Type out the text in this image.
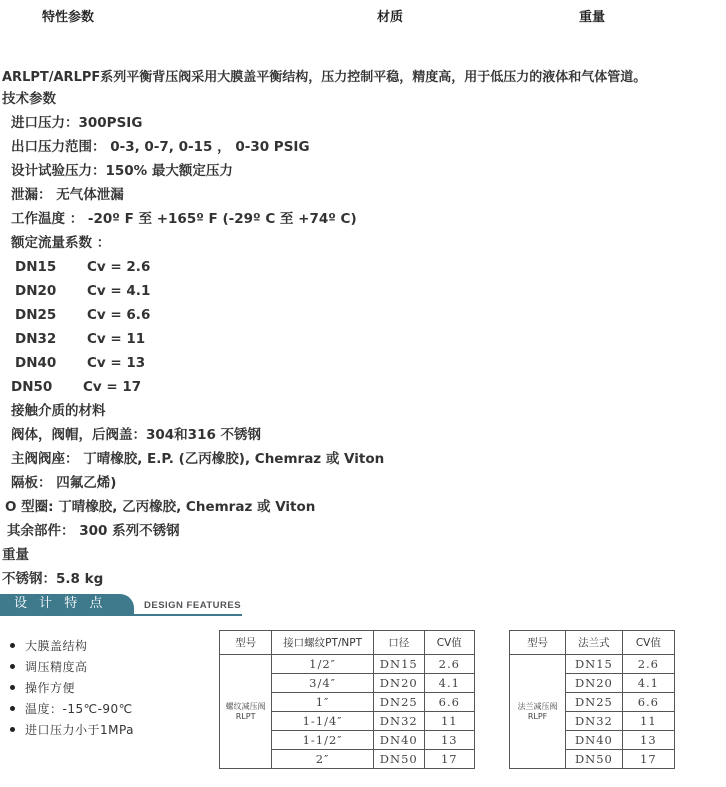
特性参数	材质	重量
ARLPT/ARLPF系列平衡背压阀采用大膜盖平衡结构，压力控制平稳，精度高，用于低压力的液体和气体管道。
技术参数
进口压力：300PSIG
出口压力范围： 0-3, 0-7, 0-15 ， 0-30 PSIG
设计试验压力：150% 最大额定压力
泄漏： 无气体泄漏
工作温度 ： -20º F 至 +165º F (-29º C 至 +74º C)
额定流量系数 ：
DN15 Cv = 2.6
DN20 Cv = 4.1
DN25 Cv = 6.6
DN32 Cv = 11
DN40 Cv = 13
DN50 Cv = 17
接触介质的材料
阀体，阀帽，后阀盖：304和316 不锈钢
主阀阀座： 丁晴橡胶, E.P. (乙丙橡胶), Chemraz 或 Viton
隔板： 四氟乙烯)
O 型圈: 丁晴橡胶, 乙丙橡胶, Chemraz 或 Viton
其余部件： 300 系列不锈钢
重量
不锈钢：5.8 kg
设 计 特 点	DESIGN FEATURES
大膜盖结构
调压精度高
操作方便
温度：-15℃-90℃
进口压力小于1MPa
型号	接口螺纹PT/NPT	口径	CV值
螺纹减压阀RLPT	1/2″	DN15	2.6
	3/4″	DN20	4.1
	1″	DN25	6.6
	1-1/4″	DN32	11
	1-1/2″	DN40	13
	2″	DN50	17
型号	法兰式	CV值
法兰减压阀RLPF	DN15	2.6
	DN20	4.1
	DN25	6.6
	DN32	11
	DN40	13
	DN50	17
